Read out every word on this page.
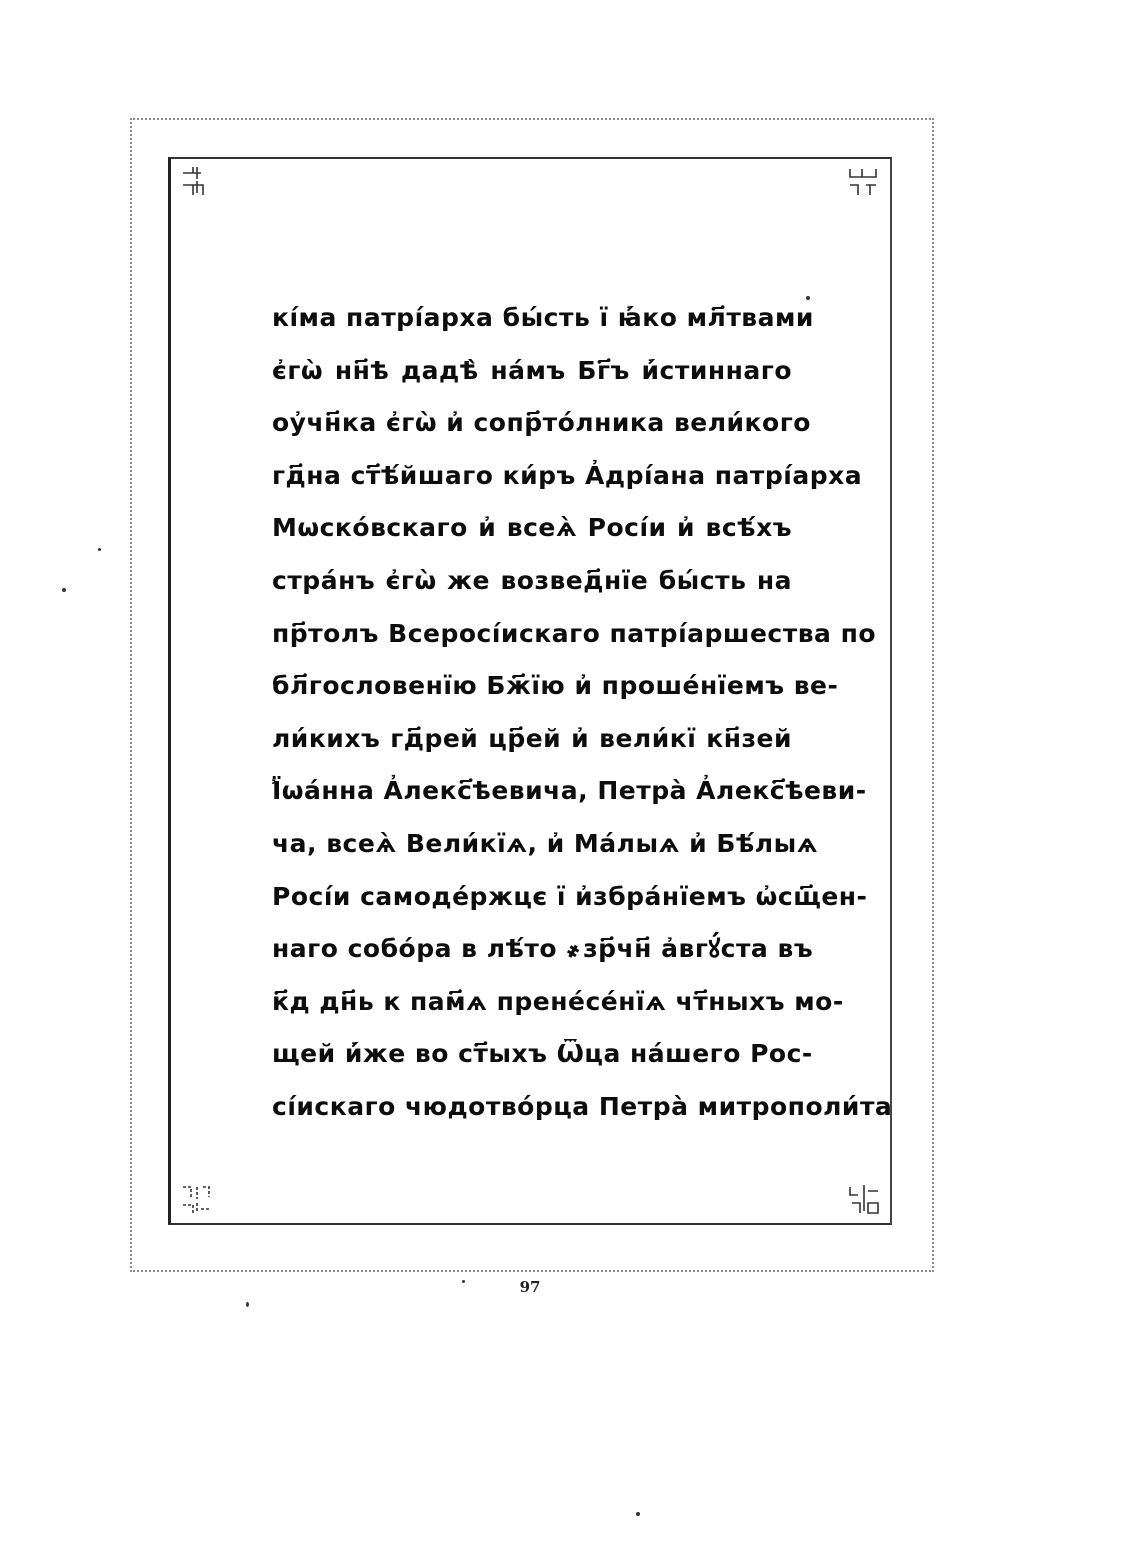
кі́ма патрі́арха бы́сть ї ꙗ҆́ко мл҃твами
є҆гѡ̀ нн҃ѣ дадѣ̀ на́мъ Бг҃ъ и҆́стиннаго
оу҆чн҃ка є҆гѡ̀ и҆ сопр҃то́лника вели́кого
гд҃на ст҃ѣ́йшаго ки́ръ А҆дрі́ана патрі́арха
Мѡско́вскаго и҆ всеѧ̀ Росі́и и҆ всѣ́хъ
стра́нъ є҆гѡ̀ же возвед҃нїе бы́сть на
пр҃толъ Всеросі́искаго патрі́аршества по
бл҃гословенїю Бж҃їю и҆ проше́нїемъ ве-
ли́кихъ гд҃рей цр҃ей и҆ вели́кї кн҃зей
Ї҆ѡа́нна А҆лекс҃ѣевича, Петра̀ А҆лекс҃ѣеви-
ча, всеѧ̀ Вели́кїѧ, и҆ Ма́лыѧ и҆ Бѣ́лыѧ
Росі́и самоде́ржцє ї и҆збра́нїемъ ѡ҆сщ҃ен-
наго собо́ра в лѣ́то ҂зр҃чн҃ а҆вгꙋ́ста въ
к҃д дн҃ь к пам҃ѧ прене́се́нїѧ чт҃ныхъ мо-
щей и҆́же во ст҃ыхъ Ѿца на́шего Рос-
сі́искаго чюдотво́рца Петра̀ митрополи́та
97
